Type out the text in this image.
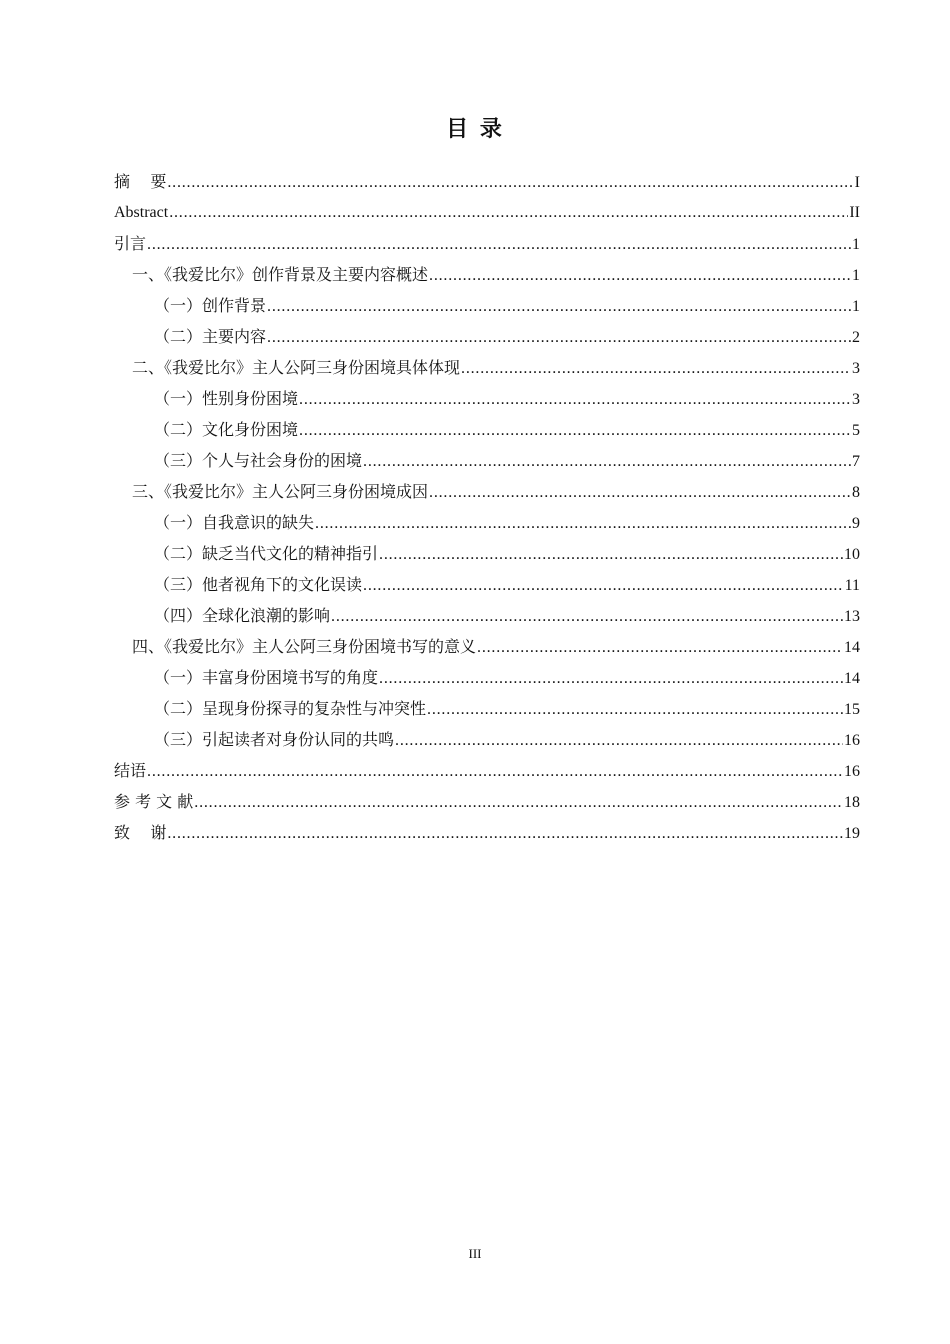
目 录
摘    要 . . .	I
Abstract . . .	II
引言 . . .	1
一、《我爱比尔》创作背景及主要内容概述 . . .	1
（一）创作背景 . . .	1
（二）主要内容 . . .	2
二、《我爱比尔》主人公阿三身份困境具体体现 . . .	3
（一）性别身份困境 . . .	3
（二）文化身份困境 . . .	5
（三）个人与社会身份的困境 . . .	7
三、《我爱比尔》主人公阿三身份困境成因 . . .	8
（一）自我意识的缺失 . . .	9
（二）缺乏当代文化的精神指引 . . .	10
（三）他者视角下的文化误读 . . .	11
（四）全球化浪潮的影响 . . .	13
四、《我爱比尔》主人公阿三身份困境书写的意义 . . .	14
（一）丰富身份困境书写的角度 . . .	14
（二）呈现身份探寻的复杂性与冲突性 . . .	15
（三）引起读者对身份认同的共鸣 . . .	16
结语 . . .	16
参 考 文 献 . . .	18
致    谢 . . .	19
III
